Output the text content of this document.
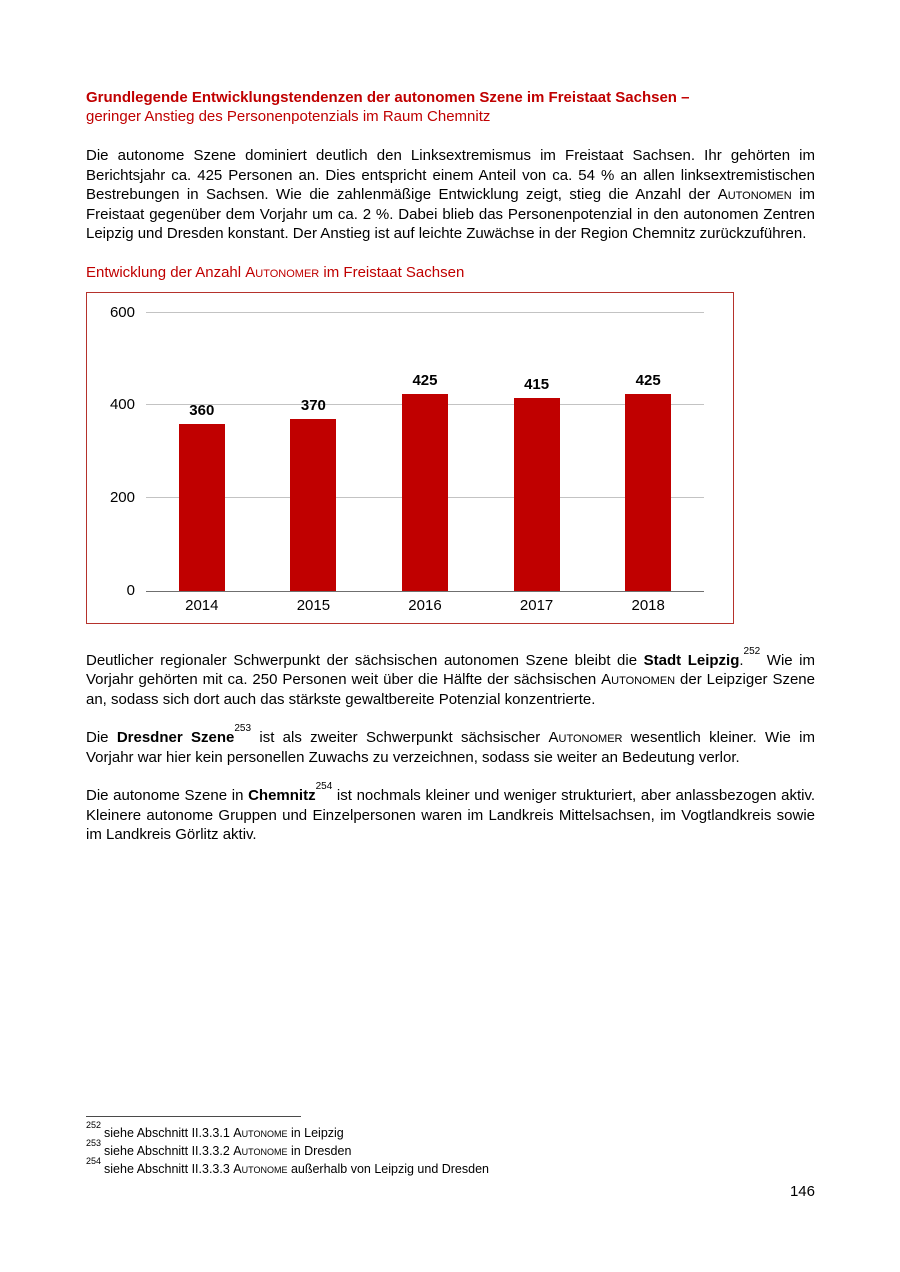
Grundlegende Entwicklungstendenzen der autonomen Szene im Freistaat Sachsen –
geringer Anstieg des Personenpotenzials im Raum Chemnitz

Die autonome Szene dominiert deutlich den Linksextremismus im Freistaat Sachsen. Ihr gehörten im Berichtsjahr ca. 425 Personen an. Dies entspricht einem Anteil von ca. 54 % an allen linksextremistischen Bestrebungen in Sachsen. Wie die zahlenmäßige Entwicklung zeigt, stieg die Anzahl der Autonomen im Freistaat gegenüber dem Vorjahr um ca. 2 %. Dabei blieb das Personenpotenzial in den autonomen Zentren Leipzig und Dresden konstant. Der Anstieg ist auf leichte Zuwächse in der Region Chemnitz zurückzuführen.

Entwicklung der Anzahl Autonomer im Freistaat Sachsen

0
200
400
600
360	370
425	415	425
2014	2015	2016	2017	2018

Deutlicher regionaler Schwerpunkt der sächsischen autonomen Szene bleibt die Stadt Leipzig.$^{252}$ Wie im Vorjahr gehörten mit ca. 250 Personen weit über die Hälfte der sächsischen Autonomen der Leipziger Szene an, sodass sich dort auch das stärkste gewaltbereite Potenzial konzentrierte.

Die Dresdner Szene$^{253}$ ist als zweiter Schwerpunkt sächsischer Autonomer wesentlich kleiner. Wie im Vorjahr war hier kein personellen Zuwachs zu verzeichnen, sodass sie weiter an Bedeutung verlor.

Die autonome Szene in Chemnitz$^{254}$ ist nochmals kleiner und weniger strukturiert, aber anlassbezogen aktiv. Kleinere autonome Gruppen und Einzelpersonen waren im Landkreis Mittelsachsen, im Vogtlandkreis sowie im Landkreis Görlitz aktiv.

$^{252}$siehe Abschnitt II.3.3.1 Autonome in Leipzig
$^{253}$siehe Abschnitt II.3.3.2 Autonome in Dresden
$^{254}$siehe Abschnitt II.3.3.3 Autonome außerhalb von Leipzig und Dresden
146
